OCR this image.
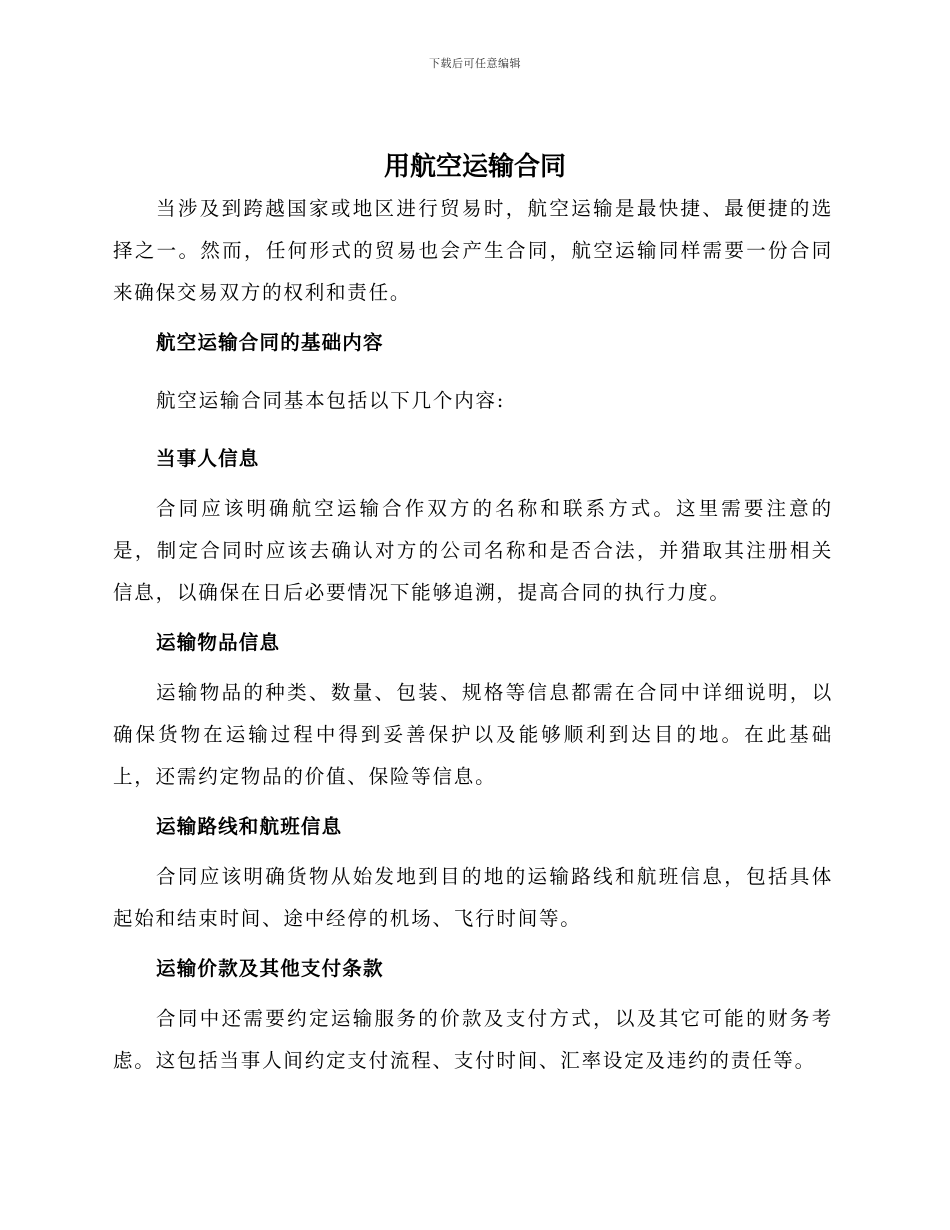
下载后可任意编辑
用航空运输合同

当涉及到跨越国家或地区进行贸易时，航空运输是最快捷、最便捷的选择之一。然而，任何形式的贸易也会产生合同，航空运输同样需要一份合同来确保交易双方的权利和责任。

航空运输合同的基础内容

航空运输合同基本包括以下几个内容:

当事人信息

合同应该明确航空运输合作双方的名称和联系方式。这里需要注意的是，制定合同时应该去确认对方的公司名称和是否合法，并猎取其注册相关信息，以确保在日后必要情况下能够追溯，提高合同的执行力度。

运输物品信息

运输物品的种类、数量、包装、规格等信息都需在合同中详细说明，以确保货物在运输过程中得到妥善保护以及能够顺利到达目的地。在此基础上，还需约定物品的价值、保险等信息。

运输路线和航班信息

合同应该明确货物从始发地到目的地的运输路线和航班信息，包括具体起始和结束时间、途中经停的机场、飞行时间等。

运输价款及其他支付条款

合同中还需要约定运输服务的价款及支付方式，以及其它可能的财务考虑。这包括当事人间约定支付流程、支付时间、汇率设定及违约的责任等。
